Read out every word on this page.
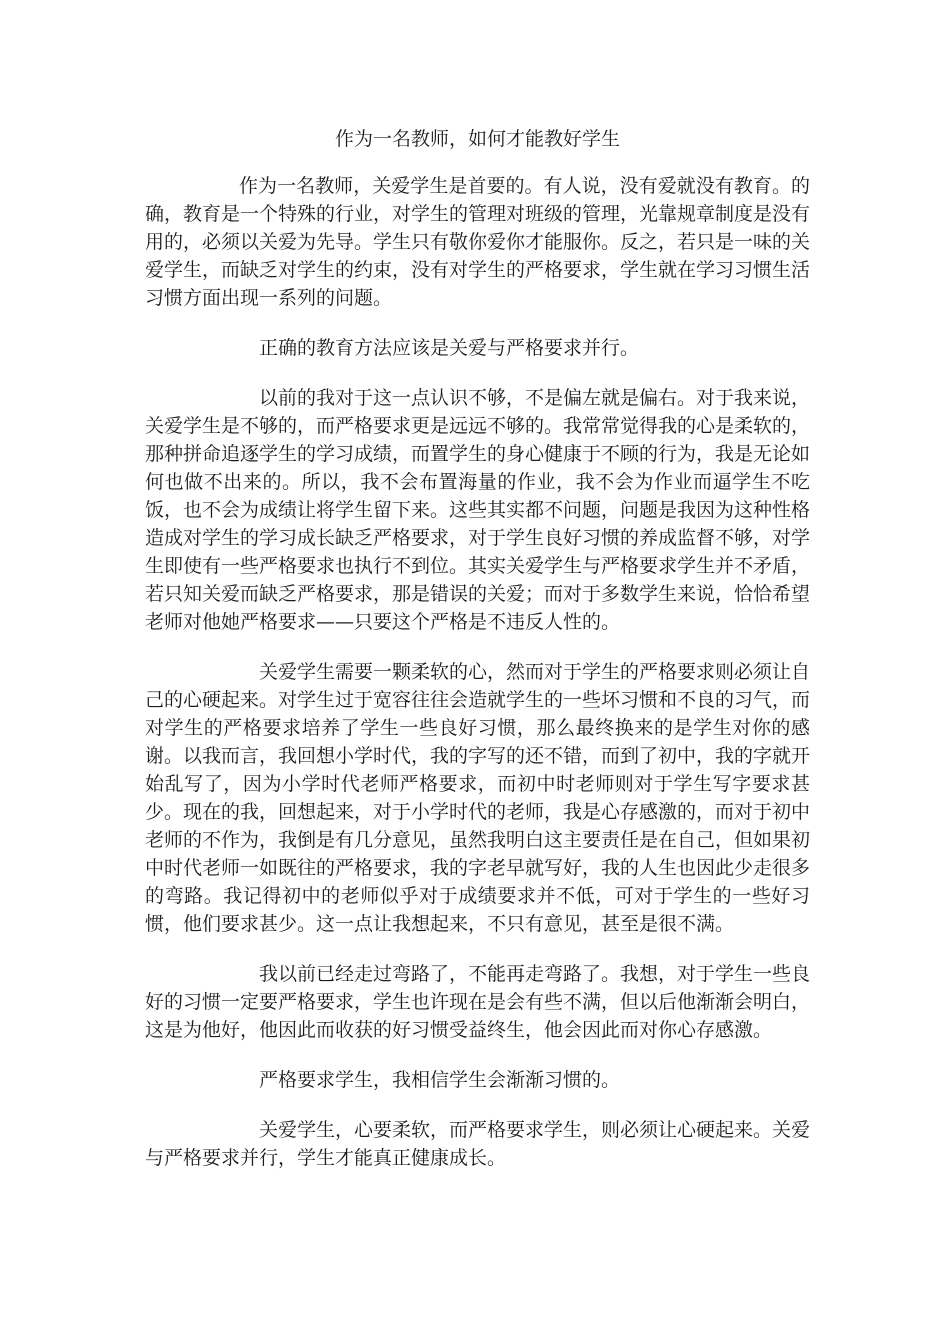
作为一名教师，如何才能教好学生

作为一名教师，关爱学生是首要的。有人说，没有爱就没有教育。的确，教育是一个特殊的行业，对学生的管理对班级的管理，光靠规章制度是没有用的，必须以关爱为先导。学生只有敬你爱你才能服你。反之，若只是一味的关爱学生，而缺乏对学生的约束，没有对学生的严格要求，学生就在学习习惯生活习惯方面出现一系列的问题。

正确的教育方法应该是关爱与严格要求并行。

以前的我对于这一点认识不够，不是偏左就是偏右。对于我来说，关爱学生是不够的，而严格要求更是远远不够的。我常常觉得我的心是柔软的，那种拼命追逐学生的学习成绩，而置学生的身心健康于不顾的行为，我是无论如何也做不出来的。所以，我不会布置海量的作业，我不会为作业而逼学生不吃饭，也不会为成绩让将学生留下来。这些其实都不问题，问题是我因为这种性格造成对学生的学习成长缺乏严格要求，对于学生良好习惯的养成监督不够，对学生即使有一些严格要求也执行不到位。其实关爱学生与严格要求学生并不矛盾，若只知关爱而缺乏严格要求，那是错误的关爱；而对于多数学生来说，恰恰希望老师对他她严格要求——只要这个严格是不违反人性的。

关爱学生需要一颗柔软的心，然而对于学生的严格要求则必须让自己的心硬起来。对学生过于宽容往往会造就学生的一些坏习惯和不良的习气，而对学生的严格要求培养了学生一些良好习惯，那么最终换来的是学生对你的感谢。以我而言，我回想小学时代，我的字写的还不错，而到了初中，我的字就开始乱写了，因为小学时代老师严格要求，而初中时老师则对于学生写字要求甚少。现在的我，回想起来，对于小学时代的老师，我是心存感激的，而对于初中老师的不作为，我倒是有几分意见，虽然我明白这主要责任是在自己，但如果初中时代老师一如既往的严格要求，我的字老早就写好，我的人生也因此少走很多的弯路。我记得初中的老师似乎对于成绩要求并不低，可对于学生的一些好习惯，他们要求甚少。这一点让我想起来，不只有意见，甚至是很不满。

我以前已经走过弯路了，不能再走弯路了。我想，对于学生一些良好的习惯一定要严格要求，学生也许现在是会有些不满，但以后他渐渐会明白，这是为他好，他因此而收获的好习惯受益终生，他会因此而对你心存感激。

严格要求学生，我相信学生会渐渐习惯的。

关爱学生，心要柔软，而严格要求学生，则必须让心硬起来。关爱与严格要求并行，学生才能真正健康成长。
